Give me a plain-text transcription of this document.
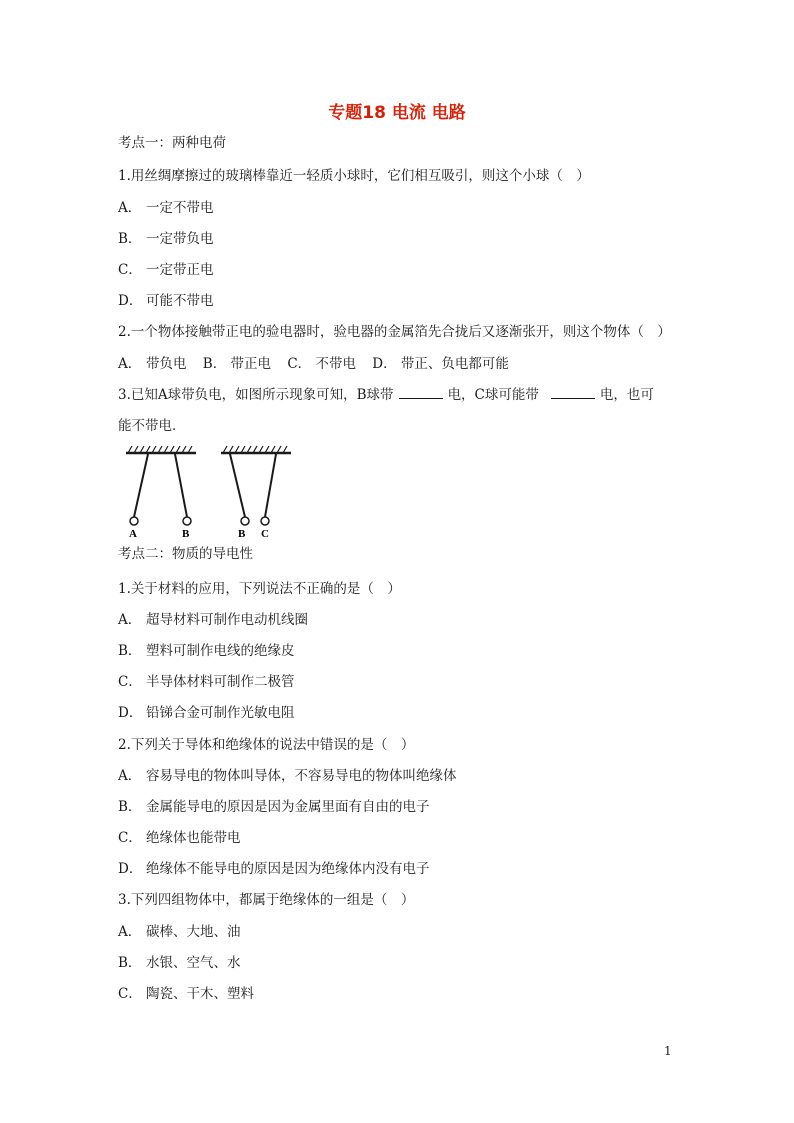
专题18 电流 电路
考点一：两种电荷
1.用丝绸摩擦过的玻璃棒靠近一轻质小球时，它们相互吸引，则这个小球（　）
A． 一定不带电
B． 一定带负电
C． 一定带正电
D． 可能不带电
2.一个物体接触带正电的验电器时，验电器的金属箔先合拢后又逐渐张开，则这个物体（　）
A． 带负电 B． 带正电 C． 不带电 D． 带正、负电都可能
3.已知A球带负电，如图所示现象可知，B球带	电，C球可能带	电，也可
能不带电．
A	B	B C
考点二：物质的导电性
1.关于材料的应用，下列说法不正确的是（　）
A． 超导材料可制作电动机线圈
B． 塑料可制作电线的绝缘皮
C． 半导体材料可制作二极管
D． 铅锑合金可制作光敏电阻
2.下列关于导体和绝缘体的说法中错误的是（　）
A． 容易导电的物体叫导体，不容易导电的物体叫绝缘体
B． 金属能导电的原因是因为金属里面有自由的电子
C． 绝缘体也能带电
D． 绝缘体不能导电的原因是因为绝缘体内没有电子
3.下列四组物体中，都属于绝缘体的一组是（　）
A． 碳棒、大地、油
B． 水银、空气、水
C． 陶瓷、干木、塑料
1
